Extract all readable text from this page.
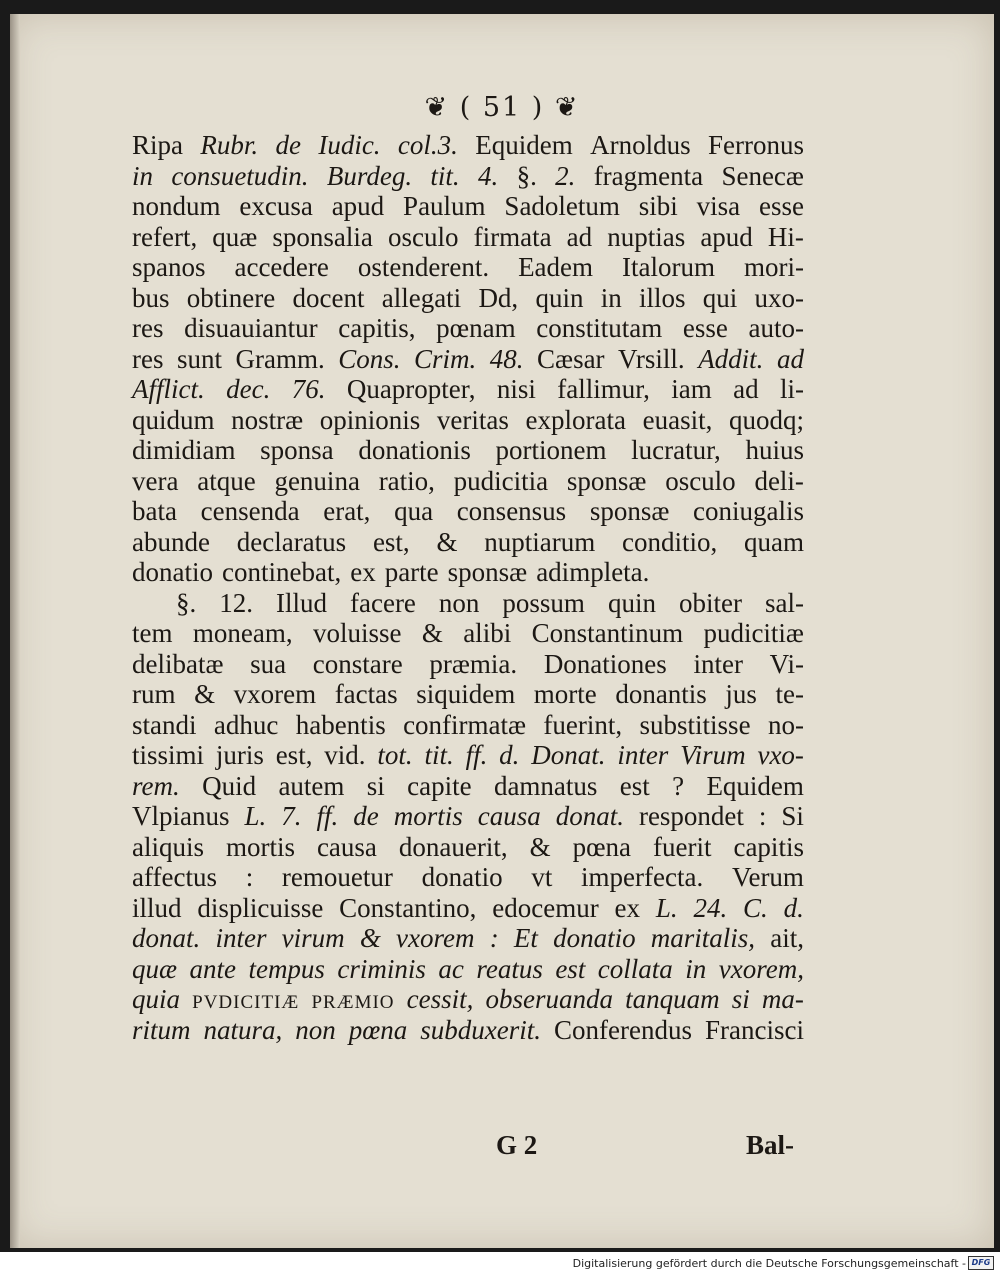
❦ ( 51 ) ❦
Ripa Rubr. de Iudic. col.3. Equidem Arnoldus Ferronus
in consuetudin. Burdeg. tit. 4. §. 2. fragmenta Senecæ
nondum excusa apud Paulum Sadoletum sibi visa esse
refert, quæ sponsalia osculo firmata ad nuptias apud Hi-
spanos accedere ostenderent. Eadem Italorum mori-
bus obtinere docent allegati Dd, quin in illos qui uxo-
res disuauiantur capitis, pœnam constitutam esse auto-
res sunt Gramm. Cons. Crim. 48. Cæsar Vrsill. Addit. ad
Afflict. dec. 76. Quapropter, nisi fallimur, iam ad li-
quidum nostræ opinionis veritas explorata euasit, quodq;
dimidiam sponsa donationis portionem lucratur, huius
vera atque genuina ratio, pudicitia sponsæ osculo deli-
bata censenda erat, qua consensus sponsæ coniugalis
abunde declaratus est, & nuptiarum conditio, quam
donatio continebat, ex parte sponsæ adimpleta.
§. 12. Illud facere non possum quin obiter sal-
tem moneam, voluisse & alibi Constantinum pudicitiæ
delibatæ sua constare præmia. Donationes inter Vi-
rum & vxorem factas siquidem morte donantis jus te-
standi adhuc habentis confirmatæ fuerint, substitisse no-
tissimi juris est, vid. tot. tit. ff. d. Donat. inter Virum vxo-
rem. Quid autem si capite damnatus est ? Equidem
Vlpianus L. 7. ff. de mortis causa donat. respondet : Si
aliquis mortis causa donauerit, & pœna fuerit capitis
affectus : remouetur donatio vt imperfecta. Verum
illud displicuisse Constantino, edocemur ex L. 24. C. d.
donat. inter virum & vxorem : Et donatio maritalis, ait,
quæ ante tempus criminis ac reatus est collata in vxorem,
quia pvdicitiæ præmio cessit, obseruanda tanquam si ma-
ritum natura, non pœna subduxerit. Conferendus Francisci
G 2	Bal-
Digitalisierung gefördert durch die Deutsche Forschungsgemeinschaft - DFG
